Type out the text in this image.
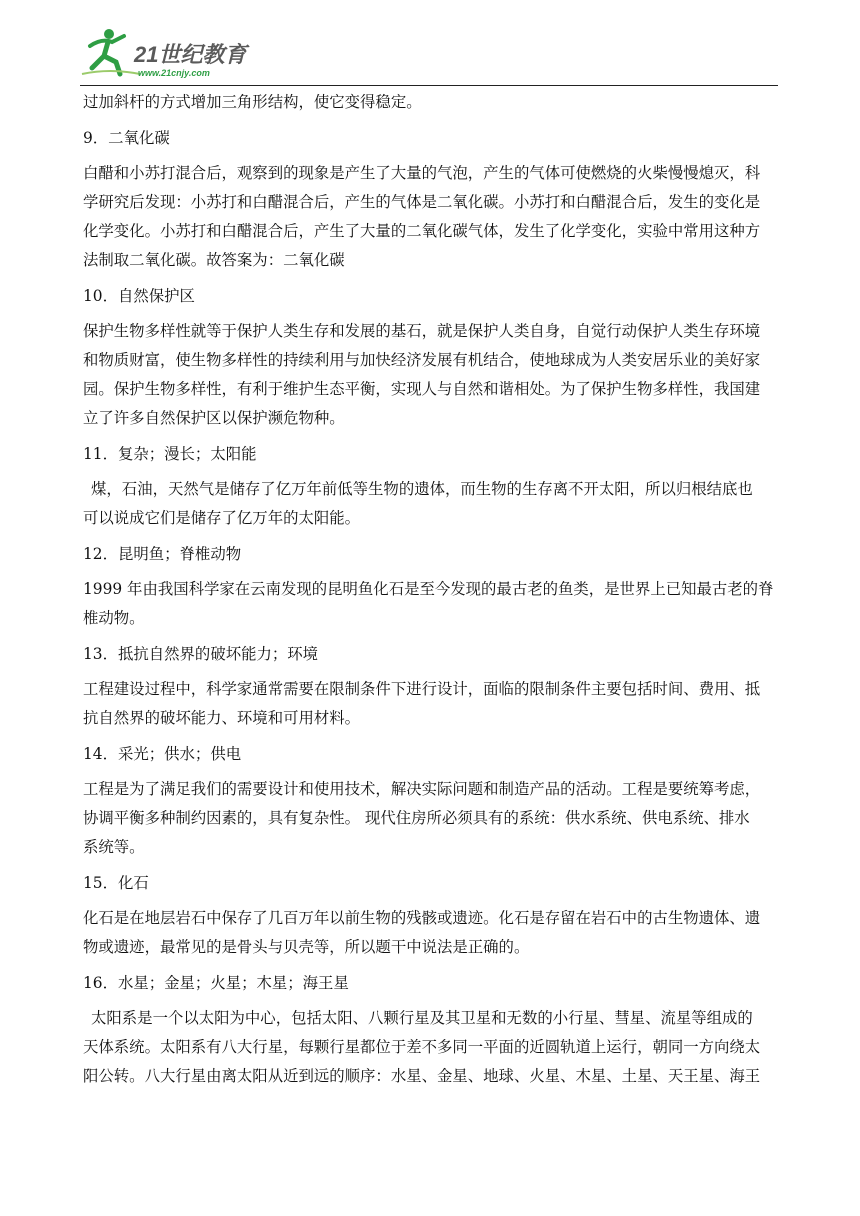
21世纪教育
www.21cnjy.com
过加斜杆的方式增加三角形结构，使它变得稳定。
9．二氧化碳
白醋和小苏打混合后，观察到的现象是产生了大量的气泡，产生的气体可使燃烧的火柴慢慢熄灭，科
学研究后发现：小苏打和白醋混合后，产生的气体是二氧化碳。小苏打和白醋混合后，发生的变化是
化学变化。小苏打和白醋混合后，产生了大量的二氧化碳气体，发生了化学变化，实验中常用这种方
法制取二氧化碳。故答案为：二氧化碳
10．自然保护区
保护生物多样性就等于保护人类生存和发展的基石，就是保护人类自身，自觉行动保护人类生存环境
和物质财富，使生物多样性的持续利用与加快经济发展有机结合，使地球成为人类安居乐业的美好家
园。保护生物多样性，有利于维护生态平衡，实现人与自然和谐相处。为了保护生物多样性，我国建
立了许多自然保护区以保护濒危物种。
11．复杂；漫长；太阳能
煤，石油，天然气是储存了亿万年前低等生物的遗体，而生物的生存离不开太阳，所以归根结底也
可以说成它们是储存了亿万年的太阳能。
12．昆明鱼；脊椎动物
1999 年由我国科学家在云南发现的昆明鱼化石是至今发现的最古老的鱼类，是世界上已知最古老的脊
椎动物。
13．抵抗自然界的破坏能力；环境
工程建设过程中，科学家通常需要在限制条件下进行设计，面临的限制条件主要包括时间、费用、抵
抗自然界的破坏能力、环境和可用材料。
14．采光；供水；供电
工程是为了满足我们的需要设计和使用技术，解决实际问题和制造产品的活动。工程是要统筹考虑，
协调平衡多种制约因素的，具有复杂性。 现代住房所必须具有的系统：供水系统、供电系统、排水
系统等。
15．化石
化石是在地层岩石中保存了几百万年以前生物的残骸或遗迹。化石是存留在岩石中的古生物遗体、遗
物或遗迹，最常见的是骨头与贝壳等，所以题干中说法是正确的。
16．水星；金星；火星；木星；海王星
太阳系是一个以太阳为中心，包括太阳、八颗行星及其卫星和无数的小行星、彗星、流星等组成的
天体系统。太阳系有八大行星，每颗行星都位于差不多同一平面的近圆轨道上运行，朝同一方向绕太
阳公转。八大行星由离太阳从近到远的顺序：水星、金星、地球、火星、木星、土星、天王星、海王
